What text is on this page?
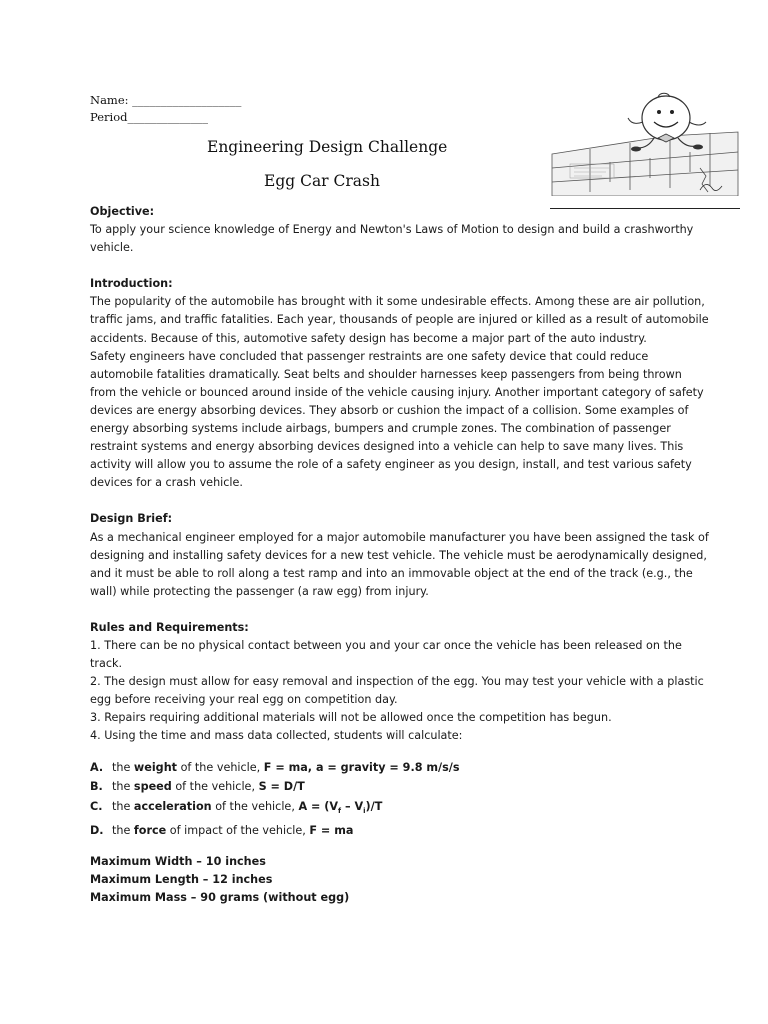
Name: ___________________
Period______________
Engineering Design Challenge
Egg Car Crash

Objective:

To apply your science knowledge of Energy and Newton's Laws of Motion to design and build a crashworthy vehicle.

Introduction:

The popularity of the automobile has brought with it some undesirable effects. Among these are air pollution, traffic jams, and traffic fatalities. Each year, thousands of people are injured or killed as a result of automobile accidents. Because of this, automotive safety design has become a major part of the auto industry.

Safety engineers have concluded that passenger restraints are one safety device that could reduce automobile fatalities dramatically. Seat belts and shoulder harnesses keep passengers from being thrown from the vehicle or bounced around inside of the vehicle causing injury. Another important category of safety devices are energy absorbing devices. They absorb or cushion the impact of a collision. Some examples of energy absorbing systems include airbags, bumpers and crumple zones. The combination of passenger restraint systems and energy absorbing devices designed into a vehicle can help to save many lives. This activity will allow you to assume the role of a safety engineer as you design, install, and test various safety devices for a crash vehicle.

Design Brief:

As a mechanical engineer employed for a major automobile manufacturer you have been assigned the task of designing and installing safety devices for a new test vehicle. The vehicle must be aerodynamically designed, and it must be able to roll along a test ramp and into an immovable object at the end of the track (e.g., the wall) while protecting the passenger (a raw egg) from injury.

Rules and Requirements:

1. There can be no physical contact between you and your car once the vehicle has been released on the track.

2. The design must allow for easy removal and inspection of the egg. You may test your vehicle with a plastic egg before receiving your real egg on competition day.

3. Repairs requiring additional materials will not be allowed once the competition has begun.

4. Using the time and mass data collected, students will calculate:

A. the weight of the vehicle, F = ma, a = gravity = 9.8 m/s/s
B. the speed of the vehicle, S = D/T
C. the acceleration of the vehicle, $A = (V_f - V_i)/T$
D. the force of impact of the vehicle, F = ma

Maximum Width – 10 inches

Maximum Length – 12 inches

Maximum Mass – 90 grams (without egg)
